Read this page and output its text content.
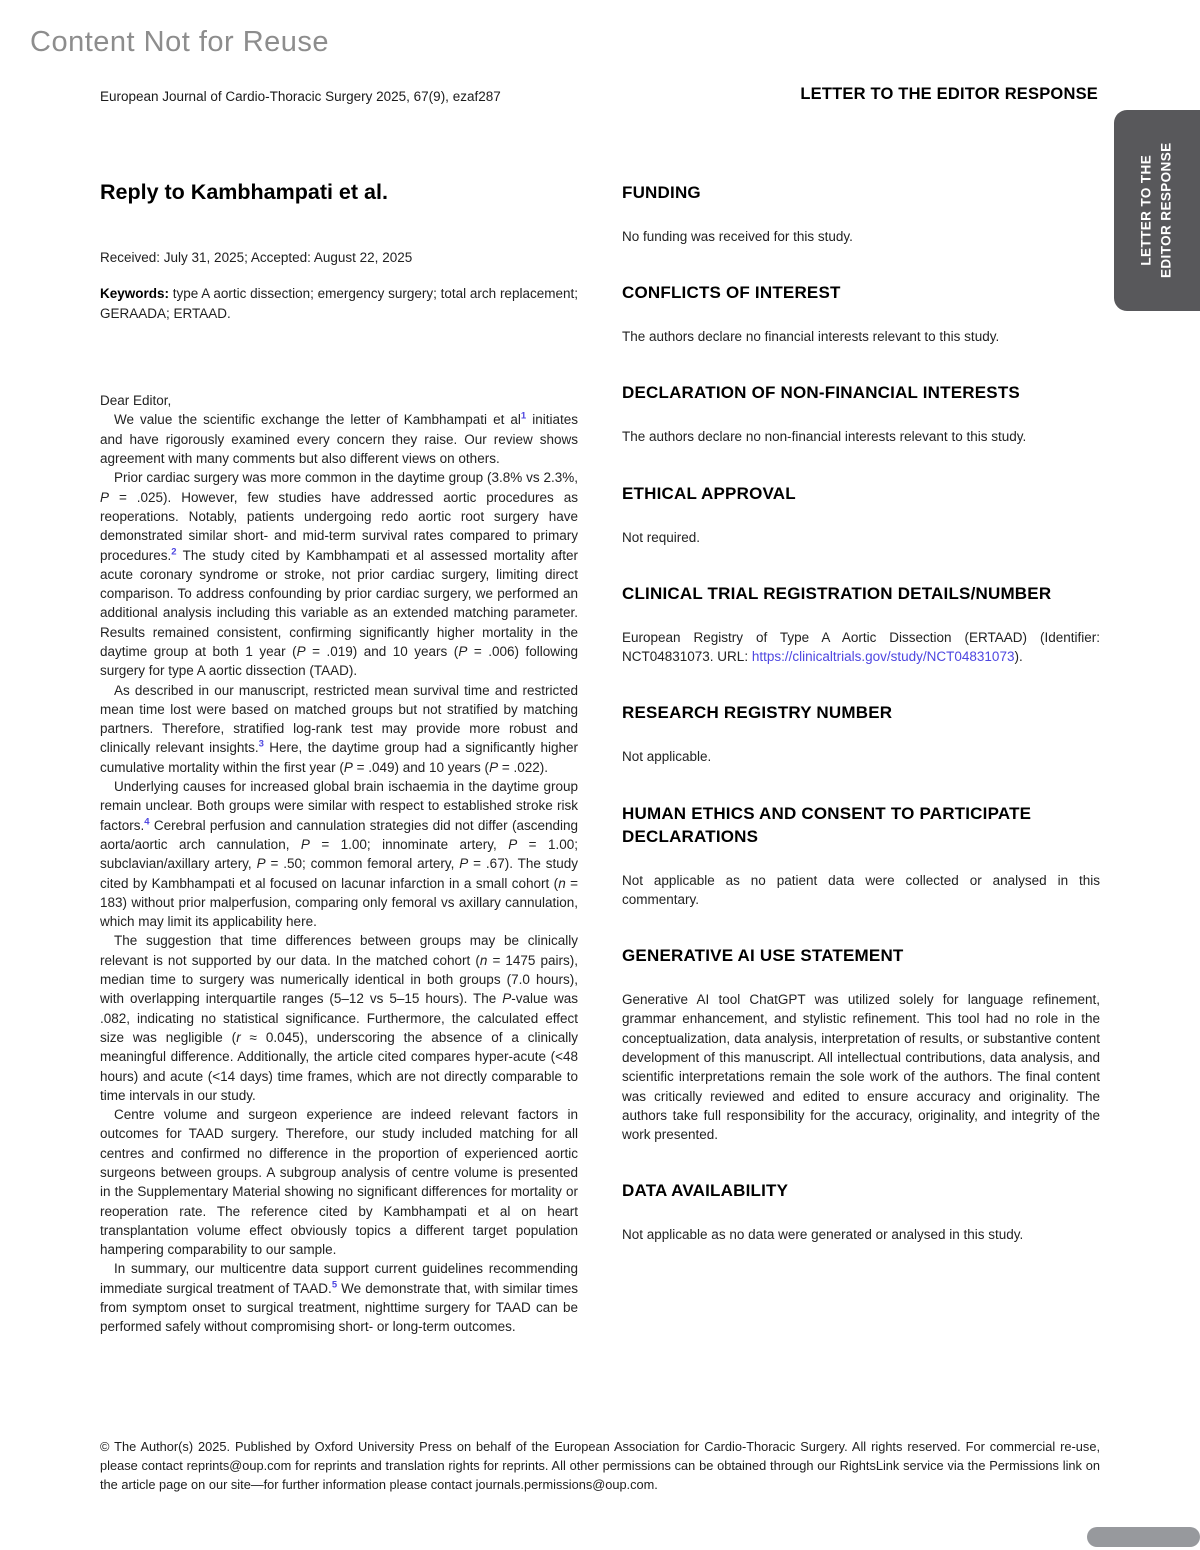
Content Not for Reuse
European Journal of Cardio-Thoracic Surgery 2025, 67(9), ezaf287	LETTER TO THE EDITOR RESPONSE
LETTER TO THE EDITOR RESPONSE
Reply to Kambhampati et al.

Received: July 31, 2025; Accepted: August 22, 2025

Keywords: type A aortic dissection; emergency surgery; total arch replacement; GERAADA; ERTAAD.

Dear Editor,

We value the scientific exchange the letter of Kambhampati et al$^1$ initiates and have rigorously examined every concern they raise. Our review shows agreement with many comments but also different views on others.

Prior cardiac surgery was more common in the daytime group (3.8% vs 2.3%, P = .025). However, few studies have addressed aortic procedures as reoperations. Notably, patients undergoing redo aortic root surgery have demonstrated similar short- and mid-term survival rates compared to primary procedures.$^2$ The study cited by Kambhampati et al assessed mortality after acute coronary syndrome or stroke, not prior cardiac surgery, limiting direct comparison. To address confounding by prior cardiac surgery, we performed an additional analysis including this variable as an extended matching parameter. Results remained consistent, confirming significantly higher mortality in the daytime group at both 1 year (P = .019) and 10 years (P = .006) following surgery for type A aortic dissection (TAAD).

As described in our manuscript, restricted mean survival time and restricted mean time lost were based on matched groups but not stratified by matching partners. Therefore, stratified log-rank test may provide more robust and clinically relevant insights.$^3$ Here, the daytime group had a significantly higher cumulative mortality within the first year (P = .049) and 10 years (P = .022).

Underlying causes for increased global brain ischaemia in the daytime group remain unclear. Both groups were similar with respect to established stroke risk factors.$^4$ Cerebral perfusion and cannulation strategies did not differ (ascending aorta/aortic arch cannulation, P = 1.00; innominate artery, P = 1.00; subclavian/axillary artery, P = .50; common femoral artery, P = .67). The study cited by Kambhampati et al focused on lacunar infarction in a small cohort (n = 183) without prior malperfusion, comparing only femoral vs axillary cannulation, which may limit its applicability here.

The suggestion that time differences between groups may be clinically relevant is not supported by our data. In the matched cohort (n = 1475 pairs), median time to surgery was numerically identical in both groups (7.0 hours), with overlapping interquartile ranges (5–12 vs 5–15 hours). The P-value was .082, indicating no statistical significance. Furthermore, the calculated effect size was negligible (r ≈ 0.045), underscoring the absence of a clinically meaningful difference. Additionally, the article cited compares hyper-acute (<48 hours) and acute (<14 days) time frames, which are not directly comparable to time intervals in our study.

Centre volume and surgeon experience are indeed relevant factors in outcomes for TAAD surgery. Therefore, our study included matching for all centres and confirmed no difference in the proportion of experienced aortic surgeons between groups. A subgroup analysis of centre volume is presented in the Supplementary Material showing no significant differences for mortality or reoperation rate. The reference cited by Kambhampati et al on heart transplantation volume effect obviously topics a different target population hampering comparability to our sample.

In summary, our multicentre data support current guidelines recommending immediate surgical treatment of TAAD.$^5$ We demonstrate that, with similar times from symptom onset to surgical treatment, nighttime surgery for TAAD can be performed safely without compromising short- or long-term outcomes.

FUNDING

No funding was received for this study.

CONFLICTS OF INTEREST

The authors declare no financial interests relevant to this study.

DECLARATION OF NON-FINANCIAL INTERESTS

The authors declare no non-financial interests relevant to this study.

ETHICAL APPROVAL

Not required.

CLINICAL TRIAL REGISTRATION DETAILS/NUMBER

European Registry of Type A Aortic Dissection (ERTAAD) (Identifier: NCT04831073. URL: https://clinicaltrials.gov/study/NCT04831073).

RESEARCH REGISTRY NUMBER

Not applicable.

HUMAN ETHICS AND CONSENT TO PARTICIPATE DECLARATIONS

Not applicable as no patient data were collected or analysed in this commentary.

GENERATIVE AI USE STATEMENT

Generative AI tool ChatGPT was utilized solely for language refinement, grammar enhancement, and stylistic refinement. This tool had no role in the conceptualization, data analysis, interpretation of results, or substantive content development of this manuscript. All intellectual contributions, data analysis, and scientific interpretations remain the sole work of the authors. The final content was critically reviewed and edited to ensure accuracy and originality. The authors take full responsibility for the accuracy, originality, and integrity of the work presented.

DATA AVAILABILITY

Not applicable as no data were generated or analysed in this study.

© The Author(s) 2025. Published by Oxford University Press on behalf of the European Association for Cardio-Thoracic Surgery. All rights reserved. For commercial re-use, please contact reprints@oup.com for reprints and translation rights for reprints. All other permissions can be obtained through our RightsLink service via the Permissions link on the article page on our site—for further information please contact journals.permissions@oup.com.
